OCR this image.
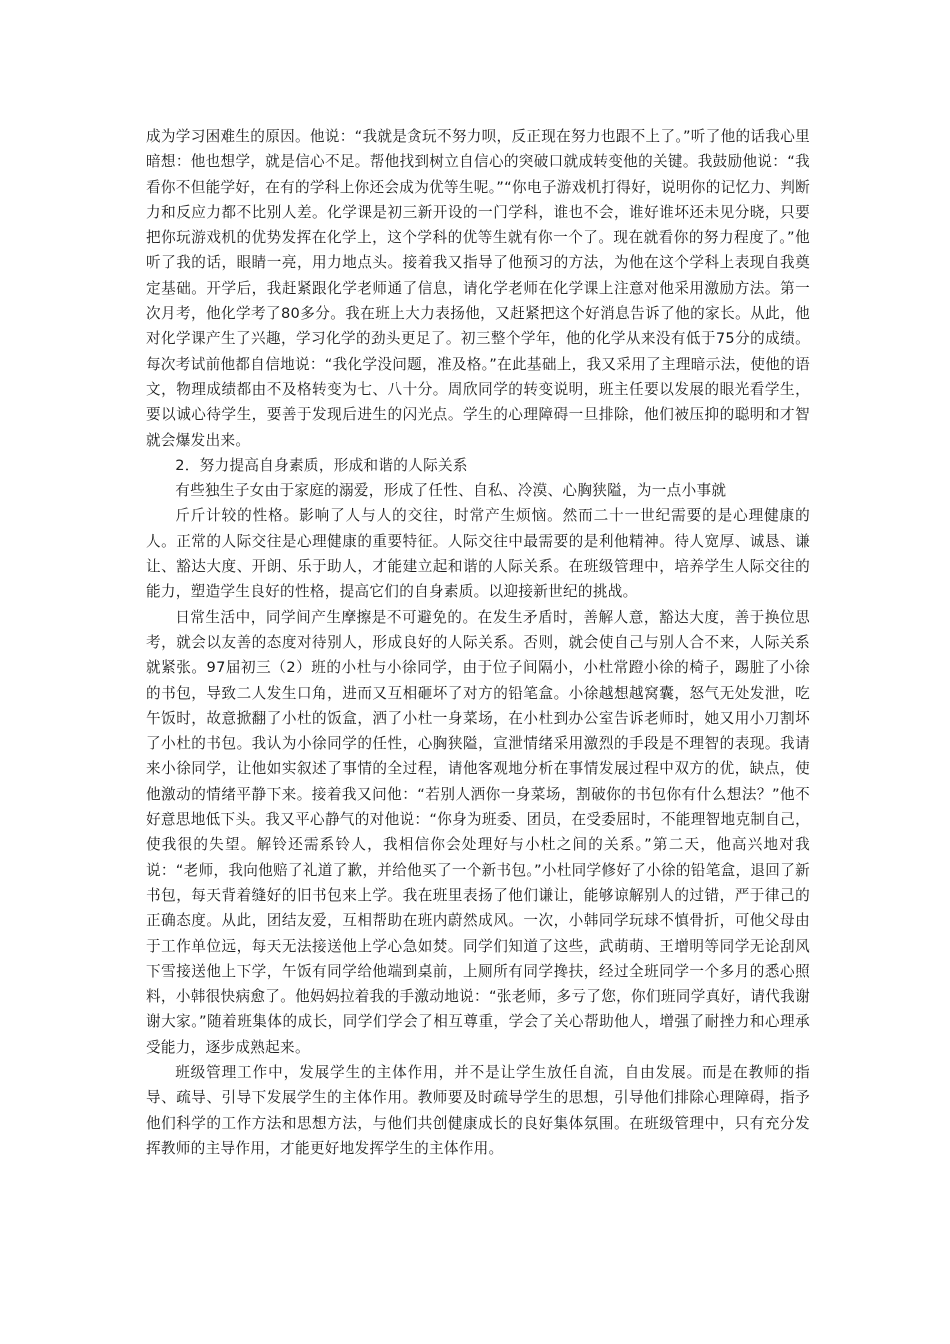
成为学习困难生的原因。他说：“我就是贪玩不努力呗，反正现在努力也跟不上了。”听了他的话我心里暗想：他也想学，就是信心不足。帮他找到树立自信心的突破口就成转变他的关键。我鼓励他说：“我看你不但能学好，在有的学科上你还会成为优等生呢。”“你电子游戏机打得好，说明你的记忆力、判断力和反应力都不比别人差。化学课是初三新开设的一门学科，谁也不会，谁好谁坏还未见分晓，只要把你玩游戏机的优势发挥在化学上，这个学科的优等生就有你一个了。现在就看你的努力程度了。”他听了我的话，眼睛一亮，用力地点头。接着我又指导了他预习的方法，为他在这个学科上表现自我奠定基础。开学后，我赶紧跟化学老师通了信息，请化学老师在化学课上注意对他采用激励方法。第一次月考，他化学考了80多分。我在班上大力表扬他，又赶紧把这个好消息告诉了他的家长。从此，他对化学课产生了兴趣，学习化学的劲头更足了。初三整个学年，他的化学从来没有低于75分的成绩。每次考试前他都自信地说：“我化学没问题，准及格。”在此基础上，我又采用了主理暗示法，使他的语文，物理成绩都由不及格转变为七、八十分。周欣同学的转变说明，班主任要以发展的眼光看学生，要以诚心待学生，要善于发现后进生的闪光点。学生的心理障碍一旦排除，他们被压抑的聪明和才智就会爆发出来。

2．努力提高自身素质，形成和谐的人际关系

有些独生子女由于家庭的溺爱，形成了任性、自私、冷漠、心胸狭隘，为一点小事就

斤斤计较的性格。影响了人与人的交往，时常产生烦恼。然而二十一世纪需要的是心理健康的人。正常的人际交往是心理健康的重要特征。人际交往中最需要的是利他精神。待人宽厚、诚恳、谦让、豁达大度、开朗、乐于助人，才能建立起和谐的人际关系。在班级管理中，培养学生人际交往的能力，塑造学生良好的性格，提高它们的自身素质。以迎接新世纪的挑战。

日常生活中，同学间产生摩擦是不可避免的。在发生矛盾时，善解人意，豁达大度，善于换位思考，就会以友善的态度对待别人，形成良好的人际关系。否则，就会使自己与别人合不来，人际关系就紧张。97届初三（2）班的小杜与小徐同学，由于位子间隔小，小杜常蹬小徐的椅子，踢脏了小徐的书包，导致二人发生口角，进而又互相砸坏了对方的铅笔盒。小徐越想越窝囊，怒气无处发泄，吃午饭时，故意掀翻了小杜的饭盒，洒了小杜一身菜场，在小杜到办公室告诉老师时，她又用小刀割坏了小杜的书包。我认为小徐同学的任性，心胸狭隘，宣泄情绪采用激烈的手段是不理智的表现。我请来小徐同学，让他如实叙述了事情的全过程，请他客观地分析在事情发展过程中双方的优，缺点，使他激动的情绪平静下来。接着我又问他：“若别人洒你一身菜场，割破你的书包你有什么想法？”他不好意思地低下头。我又平心静气的对他说：“你身为班委、团员，在受委屈时，不能理智地克制自己，使我很的失望。解铃还需系铃人，我相信你会处理好与小杜之间的关系。”第二天，他高兴地对我说：“老师，我向他赔了礼道了歉，并给他买了一个新书包。”小杜同学修好了小徐的铅笔盒，退回了新书包，每天背着缝好的旧书包来上学。我在班里表扬了他们谦让，能够谅解别人的过错，严于律己的正确态度。从此，团结友爱，互相帮助在班内蔚然成风。一次，小韩同学玩球不慎骨折，可他父母由于工作单位远，每天无法接送他上学心急如焚。同学们知道了这些，武萌萌、王增明等同学无论刮风下雪接送他上下学，午饭有同学给他端到桌前，上厕所有同学搀扶，经过全班同学一个多月的悉心照料，小韩很快病愈了。他妈妈拉着我的手激动地说：“张老师，多亏了您，你们班同学真好，请代我谢谢大家。”随着班集体的成长，同学们学会了相互尊重，学会了关心帮助他人，增强了耐挫力和心理承受能力，逐步成熟起来。

班级管理工作中，发展学生的主体作用，并不是让学生放任自流，自由发展。而是在教师的指导、疏导、引导下发展学生的主体作用。教师要及时疏导学生的思想，引导他们排除心理障碍，指予他们科学的工作方法和思想方法，与他们共创健康成长的良好集体氛围。在班级管理中，只有充分发挥教师的主导作用，才能更好地发挥学生的主体作用。
